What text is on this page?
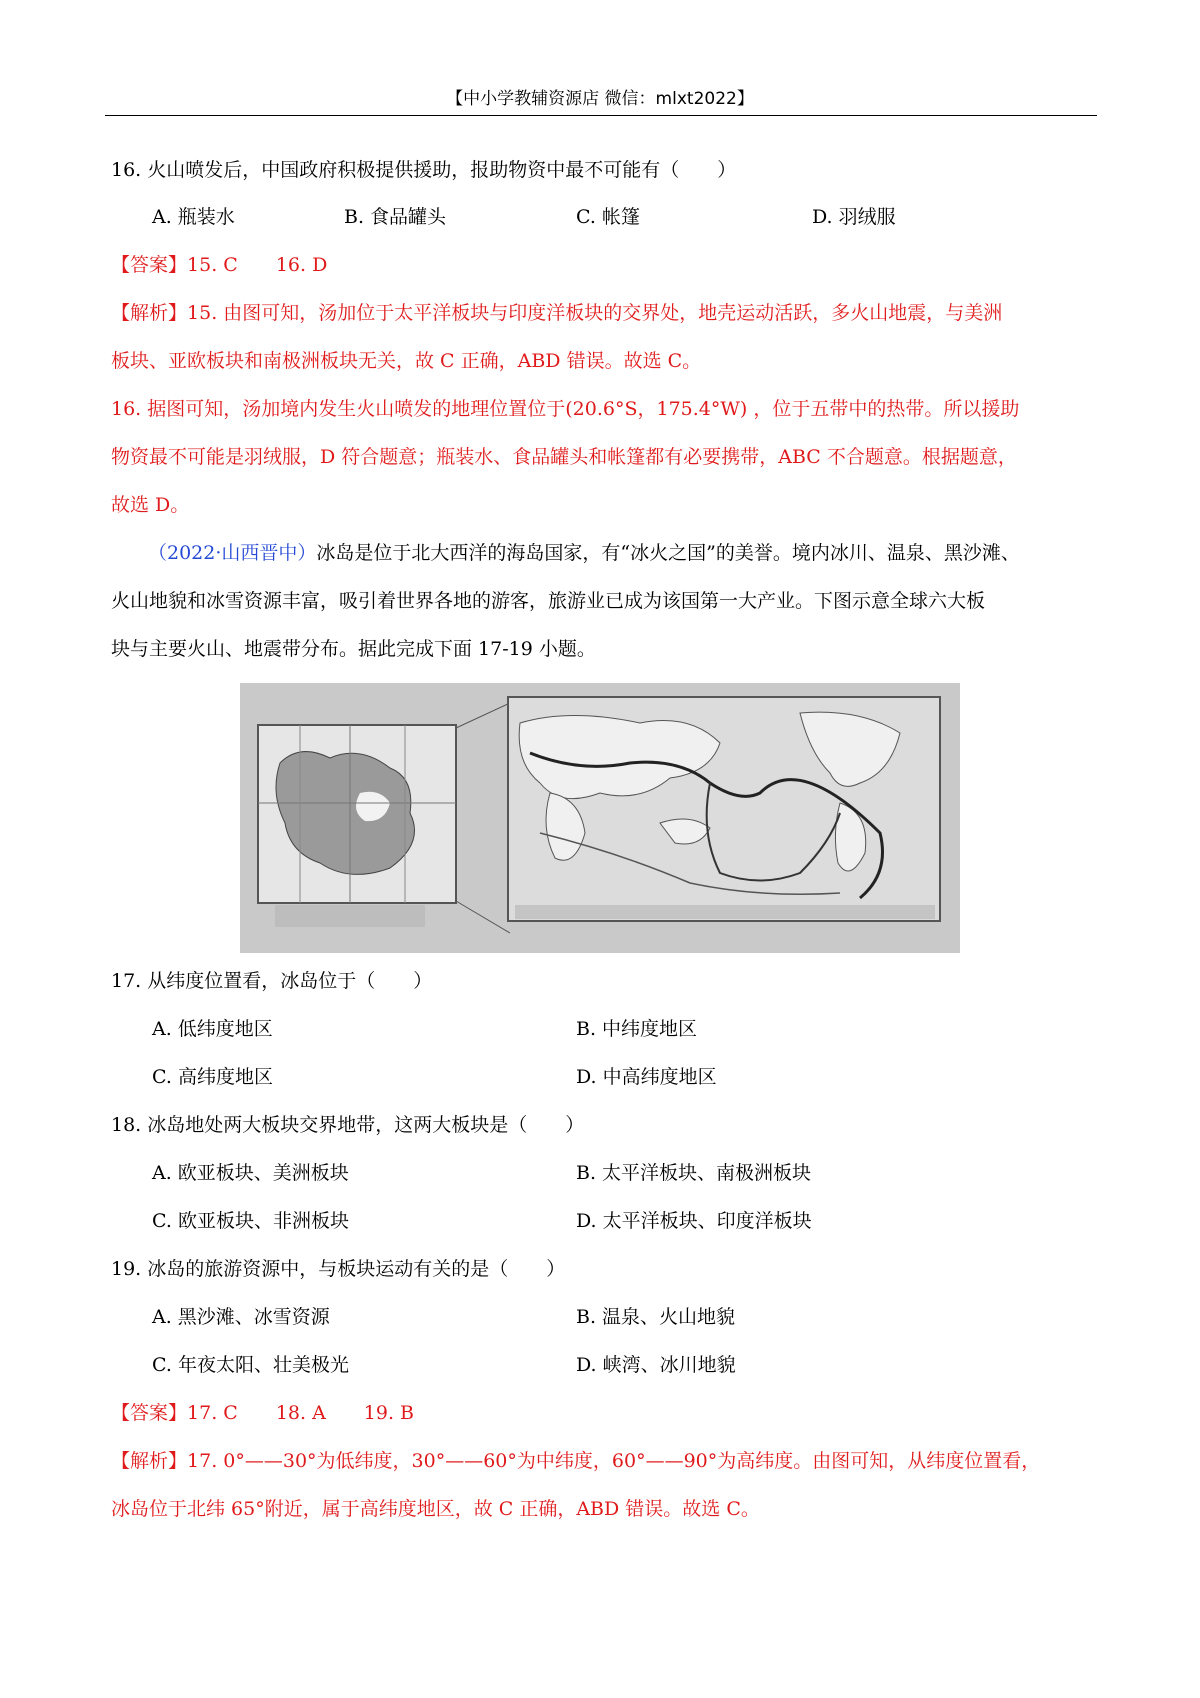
【中小学教辅资源店 微信：mlxt2022】
16. 火山喷发后，中国政府积极提供援助，报助物资中最不可能有（　　）
A. 瓶装水	B. 食品罐头	C. 帐篷	D. 羽绒服
【答案】15. C 16. D
【解析】15. 由图可知，汤加位于太平洋板块与印度洋板块的交界处，地壳运动活跃，多火山地震，与美洲
板块、亚欧板块和南极洲板块无关，故 C 正确，ABD 错误。故选 C。
16. 据图可知，汤加境内发生火山喷发的地理位置位于(20.6°S，175.4°W) ，位于五带中的热带。所以援助
物资最不可能是羽绒服，D 符合题意；瓶装水、食品罐头和帐篷都有必要携带，ABC 不合题意。根据题意，
故选 D。
（2022·山西晋中）冰岛是位于北大西洋的海岛国家，有“冰火之国”的美誉。境内冰川、温泉、黑沙滩、
火山地貌和冰雪资源丰富，吸引着世界各地的游客，旅游业已成为该国第一大产业。下图示意全球六大板
块与主要火山、地震带分布。据此完成下面 17-19 小题。
17. 从纬度位置看，冰岛位于（　　）
A. 低纬度地区	B. 中纬度地区
C. 高纬度地区	D. 中高纬度地区
18. 冰岛地处两大板块交界地带，这两大板块是（　　）
A. 欧亚板块、美洲板块	B. 太平洋板块、南极洲板块
C. 欧亚板块、非洲板块	D. 太平洋板块、印度洋板块
19. 冰岛的旅游资源中，与板块运动有关的是（　　）
A. 黑沙滩、冰雪资源	B. 温泉、火山地貌
C. 年夜太阳、壮美极光	D. 峡湾、冰川地貌
【答案】17. C 18. A 19. B
【解析】17. 0°——30°为低纬度，30°——60°为中纬度，60°——90°为高纬度。由图可知，从纬度位置看，
冰岛位于北纬 65°附近，属于高纬度地区，故 C 正确，ABD 错误。故选 C。
